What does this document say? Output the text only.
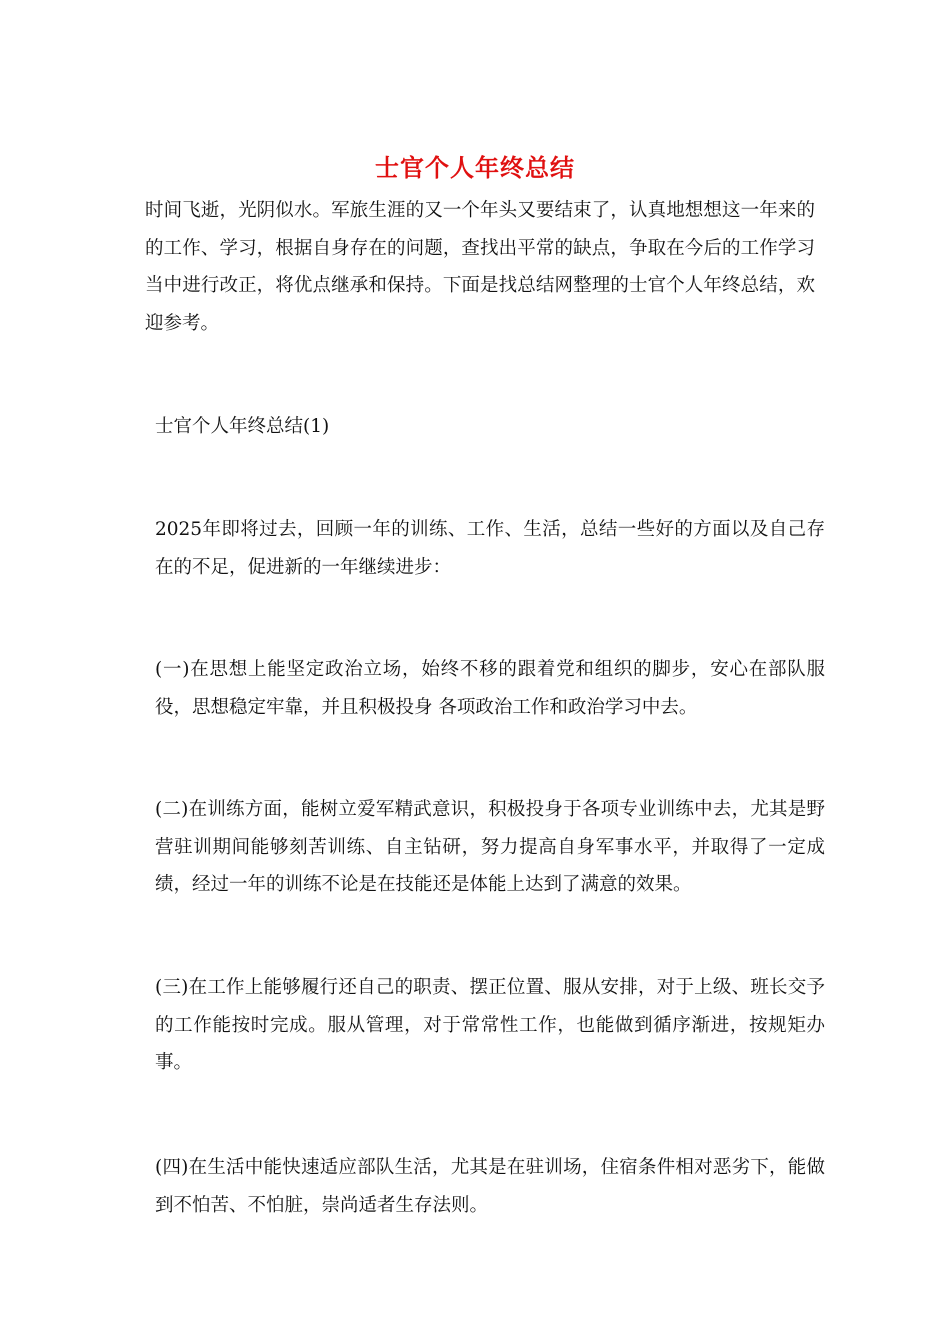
士官个人年终总结
时间飞逝，光阴似水。军旅生涯的又一个年头又要结束了，认真地想想这一年来的的工作、学习，根据自身存在的问题，查找出平常的缺点，争取在今后的工作学习当中进行改正，将优点继承和保持。下面是找总结网整理的士官个人年终总结，欢迎参考。
士官个人年终总结(1)
2025年即将过去，回顾一年的训练、工作、生活，总结一些好的方面以及自己存在的不足，促进新的一年继续进步：
(一)在思想上能坚定政治立场，始终不移的跟着党和组织的脚步，安心在部队服役，思想稳定牢靠，并且积极投身 各项政治工作和政治学习中去。
(二)在训练方面，能树立爱军精武意识，积极投身于各项专业训练中去，尤其是野营驻训期间能够刻苦训练、自主钻研，努力提高自身军事水平，并取得了一定成绩，经过一年的训练不论是在技能还是体能上达到了满意的效果。
(三)在工作上能够履行还自己的职责、摆正位置、服从安排，对于上级、班长交予的工作能按时完成。服从管理，对于常常性工作，也能做到循序渐进，按规矩办事。
(四)在生活中能快速适应部队生活，尤其是在驻训场，住宿条件相对恶劣下，能做到不怕苦、不怕脏，崇尚适者生存法则。
